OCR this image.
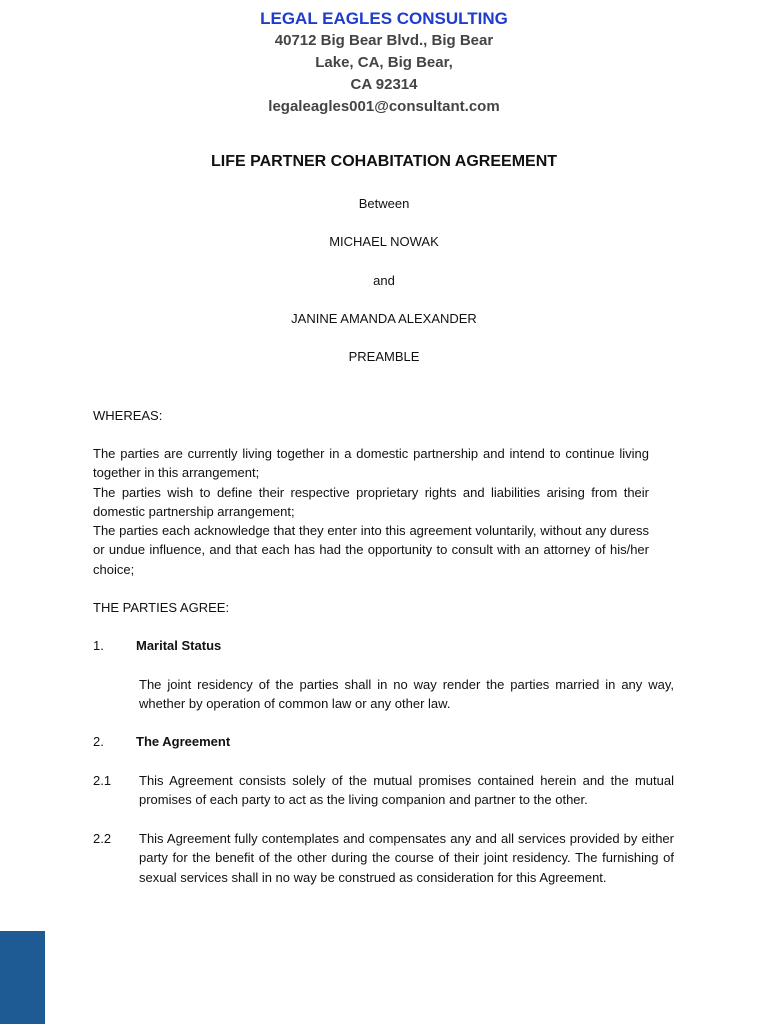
LEGAL EAGLES CONSULTING
40712 Big Bear Blvd., Big Bear
Lake, CA, Big Bear,
CA 92314
legaleagles001@consultant.com
LIFE PARTNER COHABITATION AGREEMENT
Between
MICHAEL NOWAK
and
JANINE AMANDA ALEXANDER
PREAMBLE
WHEREAS:
The parties are currently living together in a domestic partnership and intend to continue living together in this arrangement;
The parties wish to define their respective proprietary rights and liabilities arising from their domestic partnership arrangement;
The parties each acknowledge that they enter into this agreement voluntarily, without any duress or undue influence, and that each has had the opportunity to consult with an attorney of his/her choice;
THE PARTIES AGREE:
1. Marital Status
The joint residency of the parties shall in no way render the parties married in any way, whether by operation of common law or any other law.
2. The Agreement
2.1 This Agreement consists solely of the mutual promises contained herein and the mutual promises of each party to act as the living companion and partner to the other.
2.2 This Agreement fully contemplates and compensates any and all services provided by either party for the benefit of the other during the course of their joint residency. The furnishing of sexual services shall in no way be construed as consideration for this Agreement.
